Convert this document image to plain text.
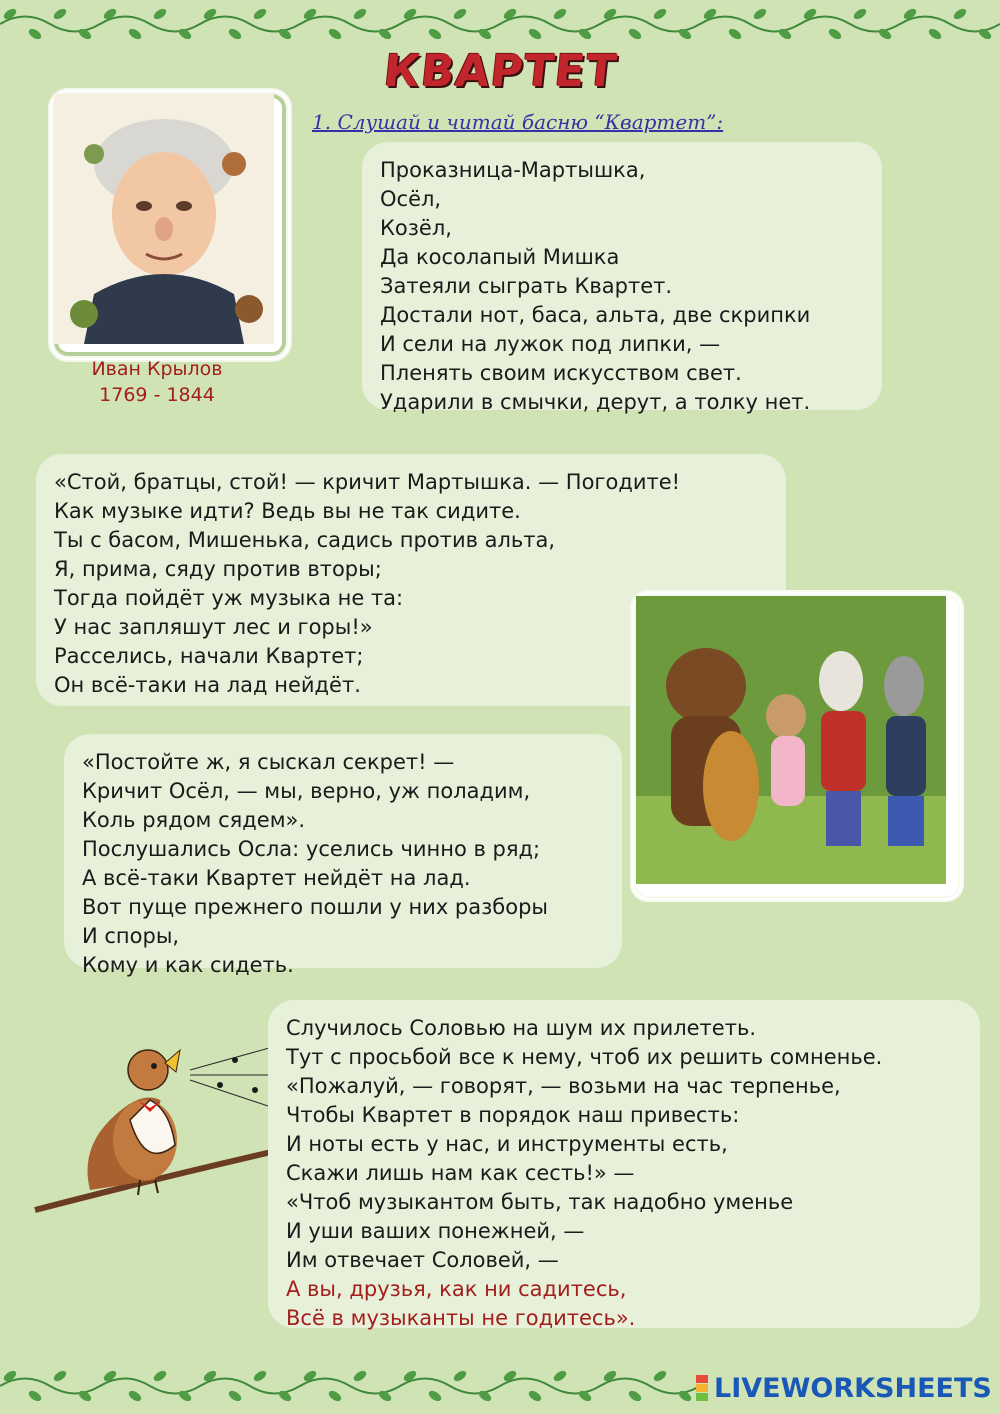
КВАРТЕТ
1. Слушай и читай басню “Квартет”:
Иван Крылов
1769 - 1844
Проказница-Мартышка,
Осёл,
Козёл,
Да косолапый Мишка
Затеяли сыграть Квартет.
Достали нот, баса, альта, две скрипки
И сели на лужок под липки, —
Пленять своим искусством свет.
Ударили в смычки, дерут, а толку нет.
«Стой, братцы, стой! — кричит Мартышка. — Погодите!
Как музыке идти? Ведь вы не так сидите.
Ты с басом, Мишенька, садись против альта,
Я, прима, сяду против вторы;
Тогда пойдёт уж музыка не та:
У нас запляшут лес и горы!»
Расселись, начали Квартет;
Он всё-таки на лад нейдёт.
«Постойте ж, я сыскал секрет! —
Кричит Осёл, — мы, верно, уж поладим,
Коль рядом сядем».
Послушались Осла: уселись чинно в ряд;
А всё-таки Квартет нейдёт на лад.
Вот пуще прежнего пошли у них разборы
И споры,
Кому и как сидеть.
Случилось Соловью на шум их прилететь.
Тут с просьбой все к нему, чтоб их решить сомненье.
«Пожалуй, — говорят, — возьми на час терпенье,
Чтобы Квартет в порядок наш привесть:
И ноты есть у нас, и инструменты есть,
Скажи лишь нам как сесть!» —
«Чтоб музыкантом быть, так надобно уменье
И уши ваших понежней, —
Им отвечает Соловей, —
А вы, друзья, как ни садитесь,
Всё в музыканты не годитесь».
LIVEWORKSHEETS
